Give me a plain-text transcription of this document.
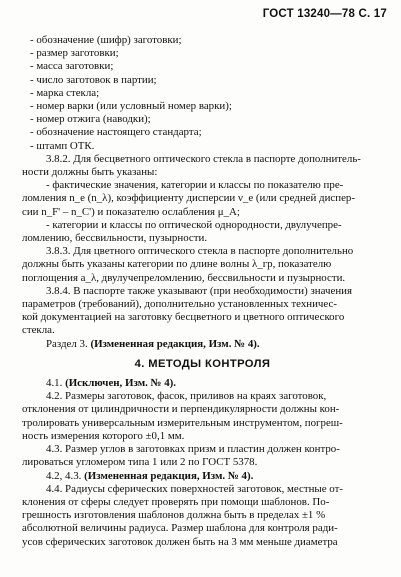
ГОСТ 13240—78 С. 17
- обозначение (шифр) заготовки;
- размер заготовки;
- масса заготовки;
- число заготовок в партии;
- марка стекла;
- номер варки (или условный номер варки);
- номер отжига (наводки);
- обозначение настоящего стандарта;
- штамп ОТК.
3.8.2. Для бесцветного оптического стекла в паспорте дополнитель-
ности должны быть указаны:
- фактические значения, категории и классы по показателю пре-
ломления n_e (n_λ), коэффициенту дисперсии ν_e (или средней диспер-
сии n_F' – n_C') и показателю ослабления μ_A;
- категории и классы по оптической однородности, двулучепре-
ломлению, бессвильности, пузырности.
3.8.3. Для цветного оптического стекла в паспорте дополнительно
должны быть указаны категории по длине волны λ_гр, показателю
поглощения a_λ, двулучепреломлению, бессвильности и пузырности.
3.8.4. В паспорте также указывают (при необходимости) значения
параметров (требований), дополнительно установленных техничес-
кой документацией на заготовку бесцветного и цветного оптического
стекла.
Раздел 3. (Измененная редакция, Изм. № 4).
4. МЕТОДЫ КОНТРОЛЯ
4.1. (Исключен, Изм. № 4).
4.2. Размеры заготовок, фасок, приливов на краях заготовок,
отклонения от цилиндричности и перпендикулярности должны кон-
тролировать универсальным измерительным инструментом, погреш-
ность измерения которого ±0,1 мм.
4.3. Размер углов в заготовках призм и пластин должен контро-
лироваться угломером типа 1 или 2 по ГОСТ 5378.
4.2, 4.3. (Измененная редакция, Изм. № 4).
4.4. Радиусы сферических поверхностей заготовок, местные от-
клонения от сферы следует проверять при помощи шаблонов. По-
грешность изготовления шаблонов должна быть в пределах ±1 %
абсолютной величины радиуса. Размер шаблона для контроля ради-
усов сферических заготовок должен быть на 3 мм меньше диаметра
